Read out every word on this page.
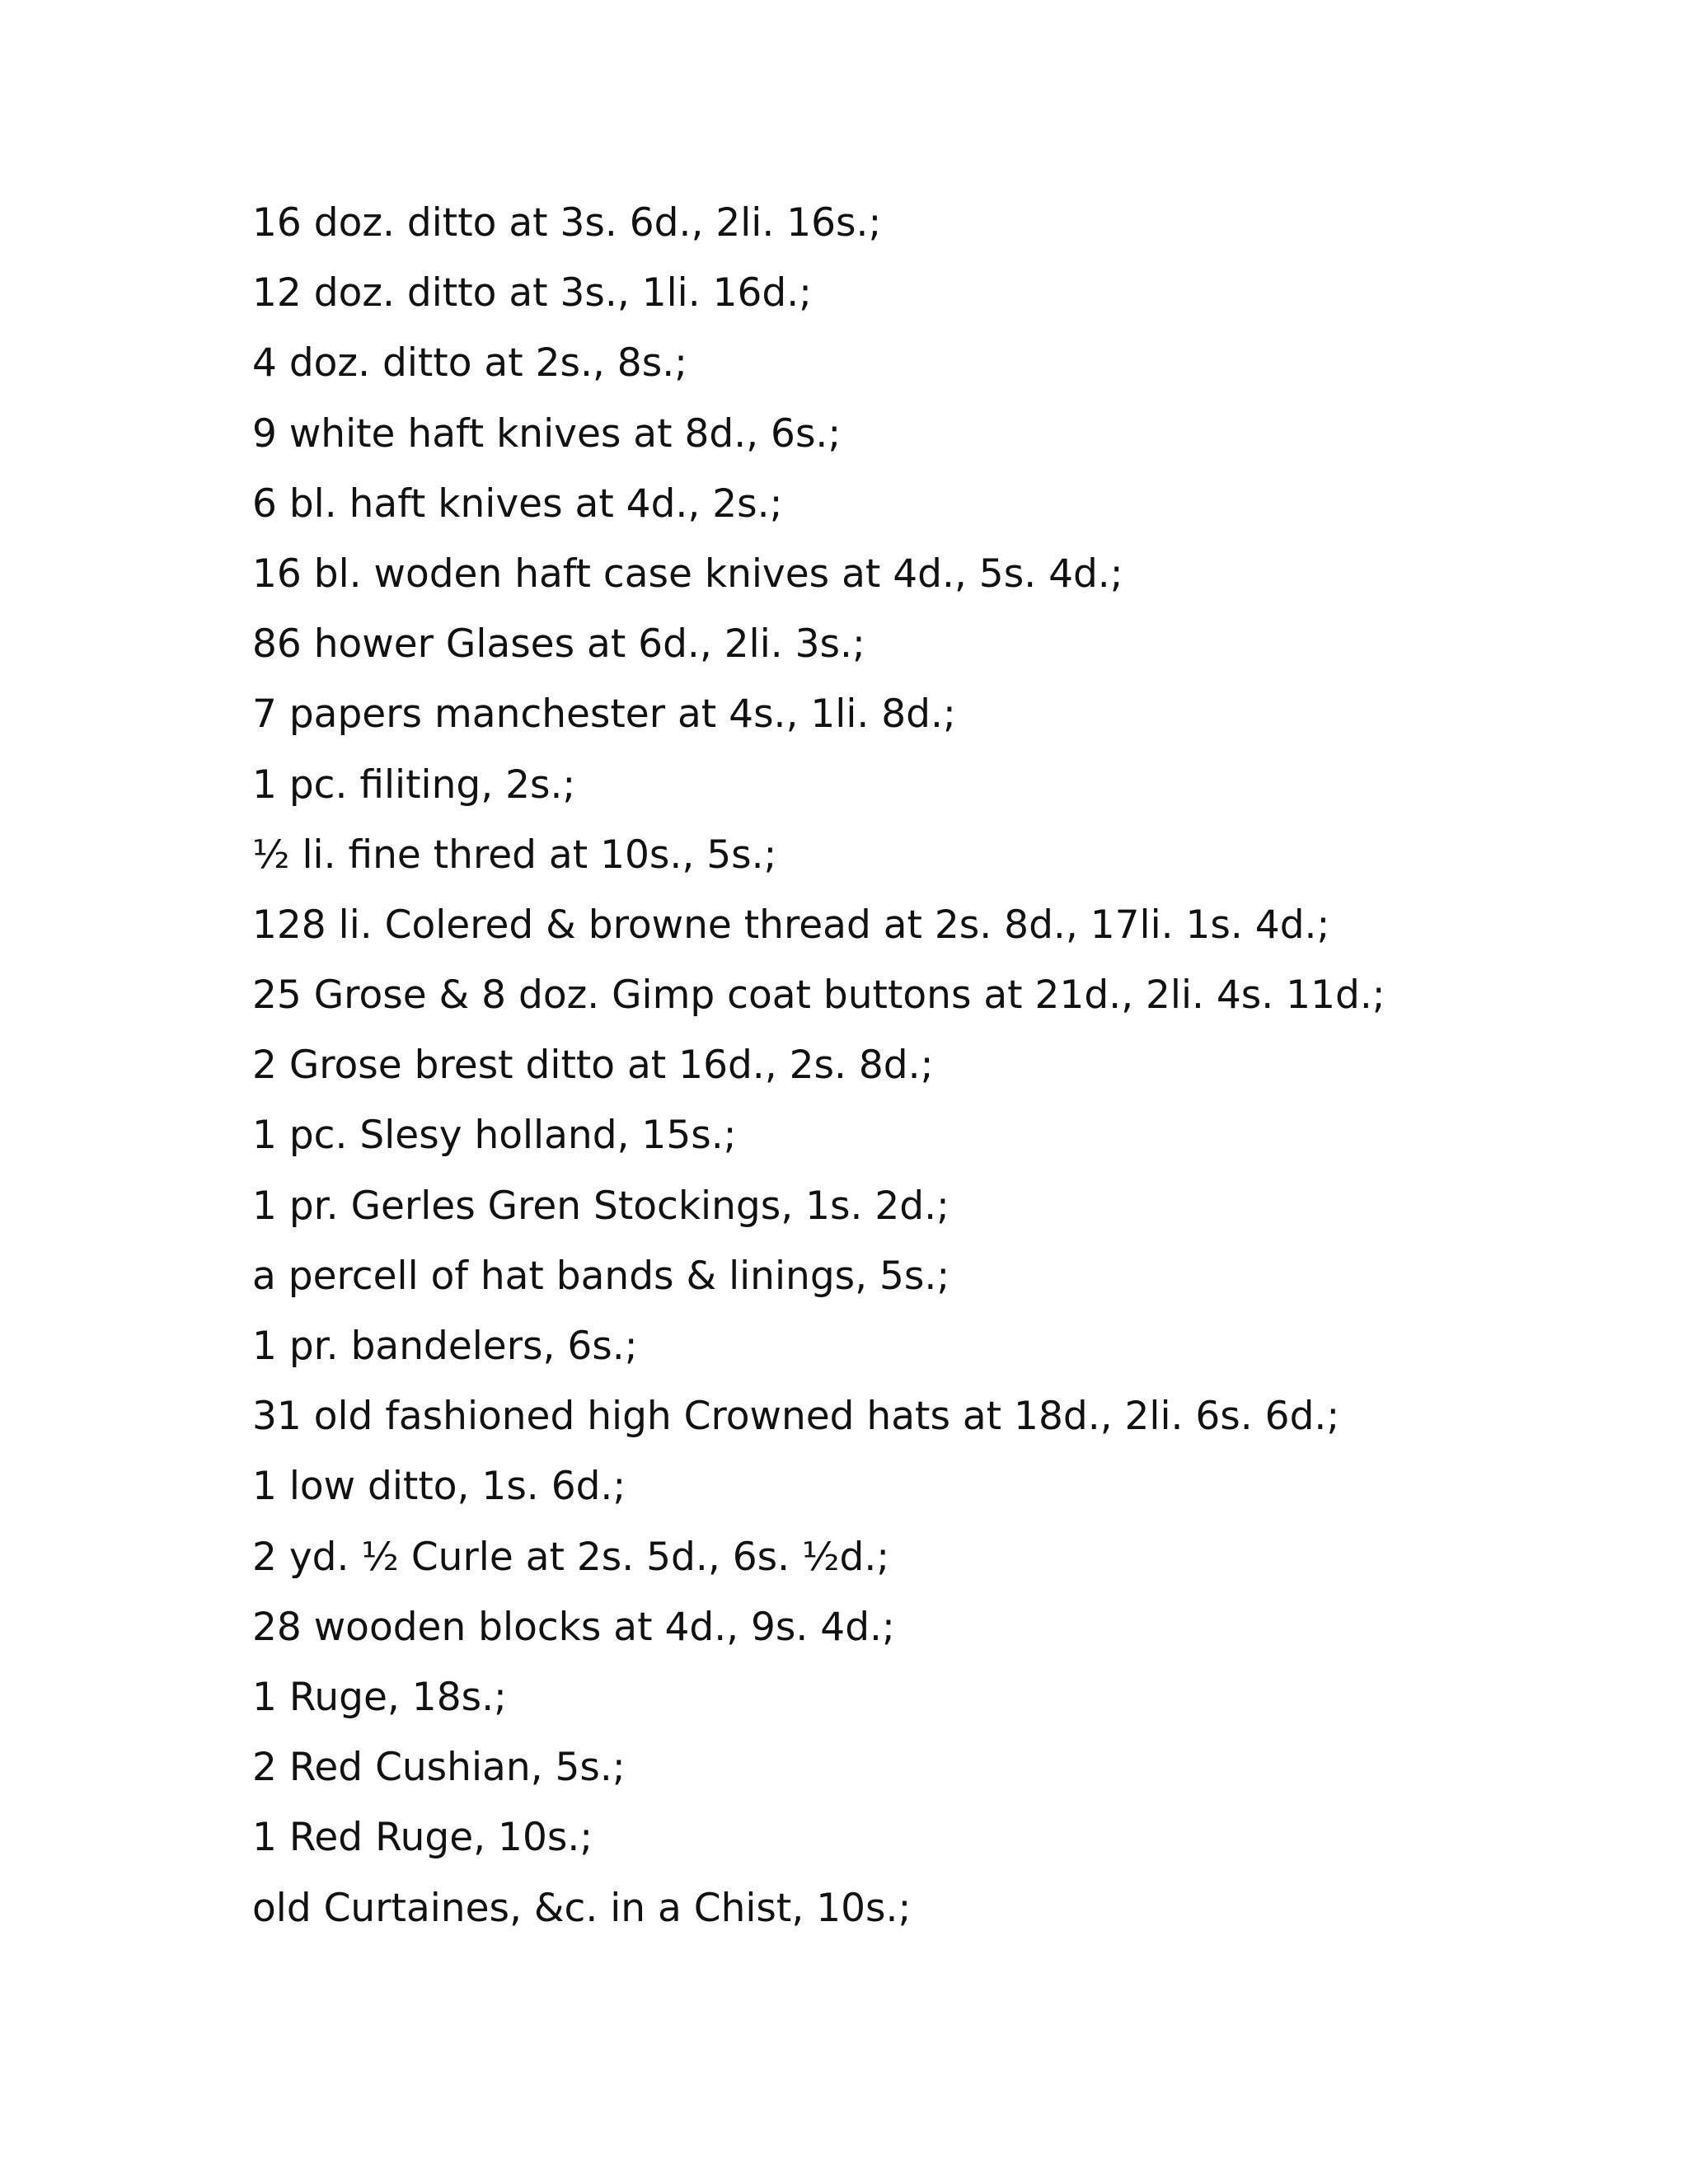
16 doz. ditto at 3s. 6d., 2li. 16s.;
12 doz. ditto at 3s., 1li. 16d.;
4 doz. ditto at 2s., 8s.;
9 white haft knives at 8d., 6s.;
6 bl. haft knives at 4d., 2s.;
16 bl. woden haft case knives at 4d., 5s. 4d.;
86 hower Glases at 6d., 2li. 3s.;
7 papers manchester at 4s., 1li. 8d.;
1 pc. filiting, 2s.;
½ li. fine thred at 10s., 5s.;
128 li. Colered & browne thread at 2s. 8d., 17li. 1s. 4d.;
25 Grose & 8 doz. Gimp coat buttons at 21d., 2li. 4s. 11d.;
2 Grose brest ditto at 16d., 2s. 8d.;
1 pc. Slesy holland, 15s.;
1 pr. Gerles Gren Stockings, 1s. 2d.;
a percell of hat bands & linings, 5s.;
1 pr. bandelers, 6s.;
31 old fashioned high Crowned hats at 18d., 2li. 6s. 6d.;
1 low ditto, 1s. 6d.;
2 yd. ½ Curle at 2s. 5d., 6s. ½d.;
28 wooden blocks at 4d., 9s. 4d.;
1 Ruge, 18s.;
2 Red Cushian, 5s.;
1 Red Ruge, 10s.;
old Curtaines, &c. in a Chist, 10s.;
